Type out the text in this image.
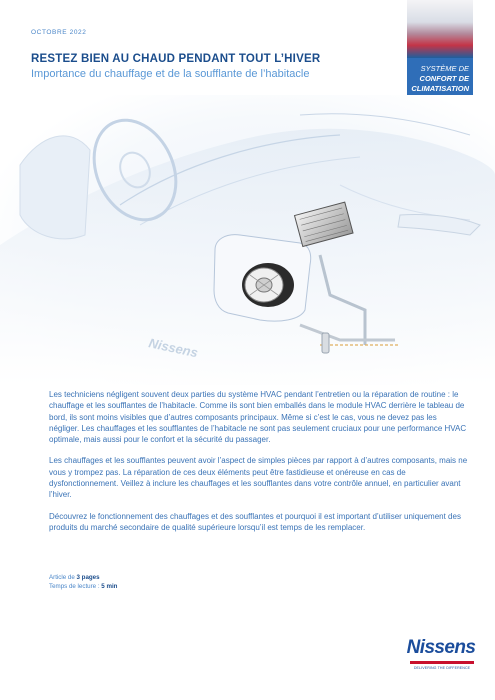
OCTOBRE 2022
RESTEZ BIEN AU CHAUD PENDANT TOUT L’HIVER
Importance du chauffage et de la soufflante de l’habitacle	SYSTÈME DE
CONFORT DE
CLIMATISATION
Nissens

Les techniciens négligent souvent deux parties du système HVAC pendant l’entretien ou la réparation de routine : le chauffage et les soufflantes de l’habitacle. Comme ils sont bien emballés dans le module HVAC derrière le tableau de bord, ils sont moins visibles que d’autres composants principaux. Même si c’est le cas, vous ne devez pas les négliger. Les chauffages et les soufflantes de l’habitacle ne sont pas seulement cruciaux pour une performance HVAC optimale, mais aussi pour le confort et la sécurité du passager.

Les chauffages et les soufflantes peuvent avoir l’aspect de simples pièces par rapport à d’autres composants, mais ne vous y trompez pas. La réparation de ces deux éléments peut être fastidieuse et onéreuse en cas de dysfonctionnement. Veillez à inclure les chauffages et les soufflantes dans votre contrôle annuel, en particulier avant l’hiver.

Découvrez le fonctionnement des chauffages et des soufflantes et pourquoi il est important d’utiliser uniquement des produits du marché secondaire de qualité supérieure lorsqu’il est temps de les remplacer.

Article de 3 pages
Temps de lecture : 5 min
Nissens
DELIVERING THE DIFFERENCE
